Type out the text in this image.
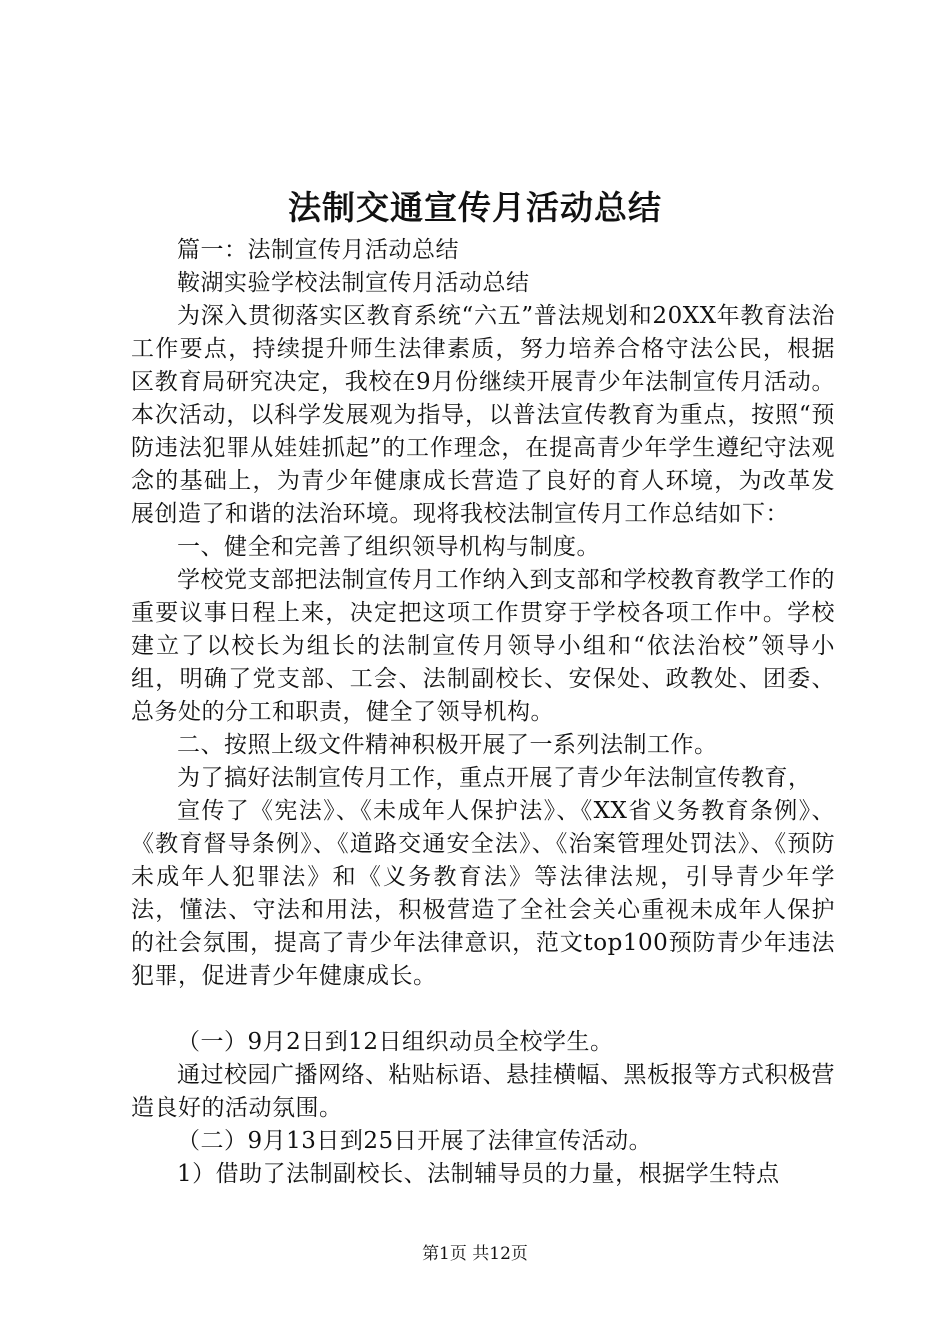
法制交通宣传月活动总结

篇一：法制宣传月活动总结

鞍湖实验学校法制宣传月活动总结

为深入贯彻落实区教育系统“六五”普法规划和20XX年教育法治工作要点，持续提升师生法律素质，努力培养合格守法公民，根据区教育局研究决定，我校在9月份继续开展青少年法制宣传月活动。本次活动，以科学发展观为指导，以普法宣传教育为重点，按照“预防违法犯罪从娃娃抓起”的工作理念，在提高青少年学生遵纪守法观念的基础上，为青少年健康成长营造了良好的育人环境，为改革发展创造了和谐的法治环境。现将我校法制宣传月工作总结如下：

一、健全和完善了组织领导机构与制度。

学校党支部把法制宣传月工作纳入到支部和学校教育教学工作的重要议事日程上来，决定把这项工作贯穿于学校各项工作中。学校建立了以校长为组长的法制宣传月领导小组和“依法治校”领导小组，明确了党支部、工会、法制副校长、安保处、政教处、团委、总务处的分工和职责，健全了领导机构。

二、按照上级文件精神积极开展了一系列法制工作。

为了搞好法制宣传月工作，重点开展了青少年法制宣传教育，

宣传了《宪法》、《未成年人保护法》、《XX省义务教育条例》、《教育督导条例》、《道路交通安全法》、《治案管理处罚法》、《预防未成年人犯罪法》和《义务教育法》等法律法规，引导青少年学法，懂法、守法和用法，积极营造了全社会关心重视未成年人保护的社会氛围，提高了青少年法律意识，范文top100预防青少年违法犯罪，促进青少年健康成长。

（一）9月2日到12日组织动员全校学生。

通过校园广播网络、粘贴标语、悬挂横幅、黑板报等方式积极营造良好的活动氛围。

（二）9月13日到25日开展了法律宣传活动。

1）借助了法制副校长、法制辅导员的力量，根据学生特点

第1页 共12页
